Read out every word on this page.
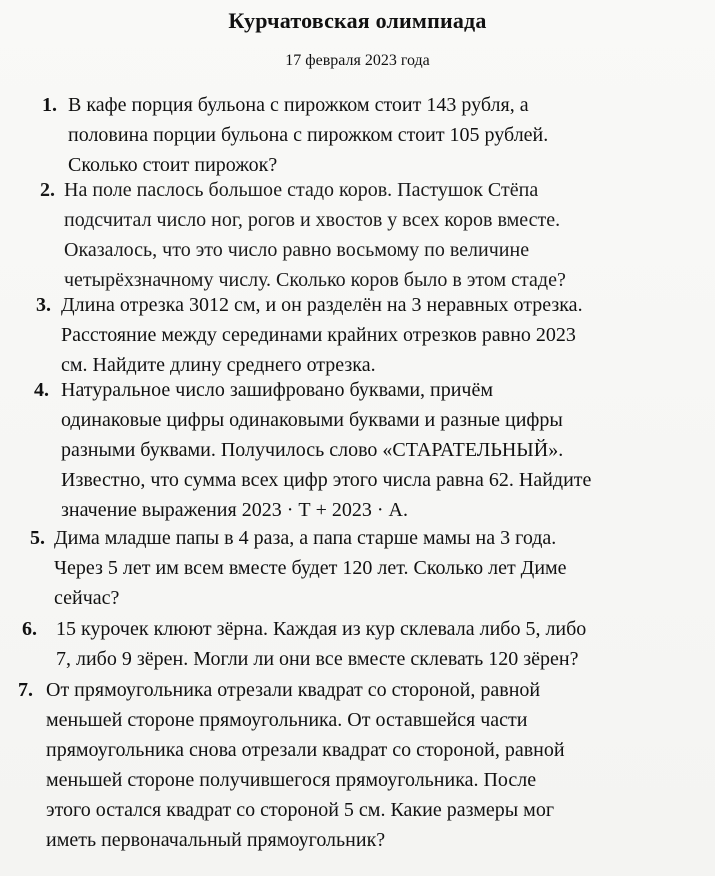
Курчатовская олимпиада
17 февраля 2023 года
1. В кафе порция бульона с пирожком стоит 143 рубля, а
половина порции бульона с пирожком стоит 105 рублей.
Сколько стоит пирожок?
2. На поле паслось большое стадо коров. Пастушок Стёпа
подсчитал число ног, рогов и хвостов у всех коров вместе.
Оказалось, что это число равно восьмому по величине
четырёхзначному числу. Сколько коров было в этом стаде?
3. Длина отрезка 3012 см, и он разделён на 3 неравных отрезка.
Расстояние между серединами крайних отрезков равно 2023
см. Найдите длину среднего отрезка.
4. Натуральное число зашифровано буквами, причём
одинаковые цифры одинаковыми буквами и разные цифры
разными буквами. Получилось слово «СТАРАТЕЛЬНЫЙ».
Известно, что сумма всех цифр этого числа равна 62. Найдите
значение выражения 2023 · Т + 2023 · А.
5. Дима младше папы в 4 раза, а папа старше мамы на 3 года.
Через 5 лет им всем вместе будет 120 лет. Сколько лет Диме
сейчас?
6. 15 курочек клюют зёрна. Каждая из кур склевала либо 5, либо
7, либо 9 зёрен. Могли ли они все вместе склевать 120 зёрен?
7. От прямоугольника отрезали квадрат со стороной, равной
меньшей стороне прямоугольника. От оставшейся части
прямоугольника снова отрезали квадрат со стороной, равной
меньшей стороне получившегося прямоугольника. После
этого остался квадрат со стороной 5 см. Какие размеры мог
иметь первоначальный прямоугольник?
